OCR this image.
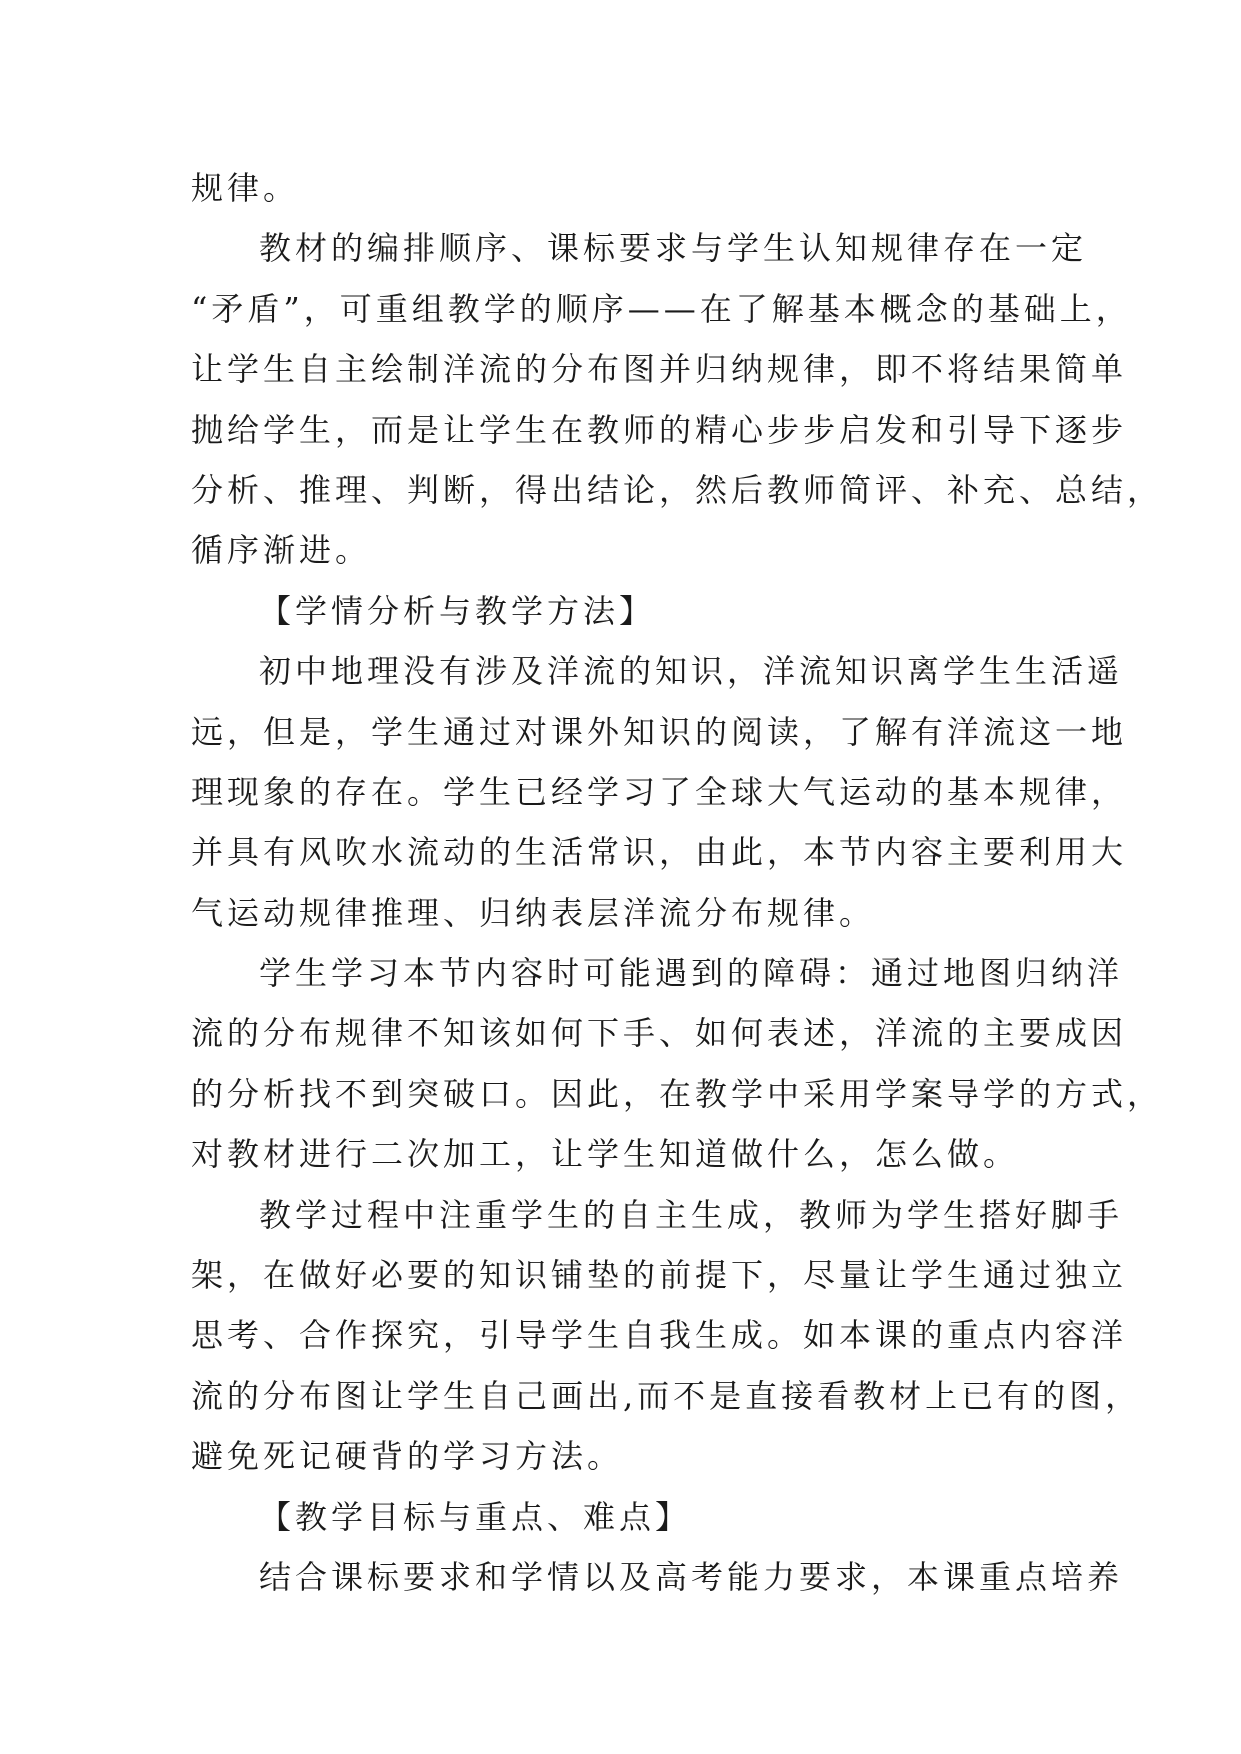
规律。
教材的编排顺序、课标要求与学生认知规律存在一定
“矛盾”，可重组教学的顺序——在了解基本概念的基础上，
让学生自主绘制洋流的分布图并归纳规律，即不将结果简单
抛给学生，而是让学生在教师的精心步步启发和引导下逐步
分析、推理、判断，得出结论，然后教师简评、补充、总结，
循序渐进。
【学情分析与教学方法】
初中地理没有涉及洋流的知识，洋流知识离学生生活遥
远，但是，学生通过对课外知识的阅读，了解有洋流这一地
理现象的存在。学生已经学习了全球大气运动的基本规律，
并具有风吹水流动的生活常识，由此，本节内容主要利用大
气运动规律推理、归纳表层洋流分布规律。
学生学习本节内容时可能遇到的障碍：通过地图归纳洋
流的分布规律不知该如何下手、如何表述，洋流的主要成因
的分析找不到突破口。因此，在教学中采用学案导学的方式，
对教材进行二次加工，让学生知道做什么，怎么做。
教学过程中注重学生的自主生成，教师为学生搭好脚手
架，在做好必要的知识铺垫的前提下，尽量让学生通过独立
思考、合作探究，引导学生自我生成。如本课的重点内容洋
流的分布图让学生自己画出,而不是直接看教材上已有的图，
避免死记硬背的学习方法。
【教学目标与重点、难点】
结合课标要求和学情以及高考能力要求，本课重点培养
